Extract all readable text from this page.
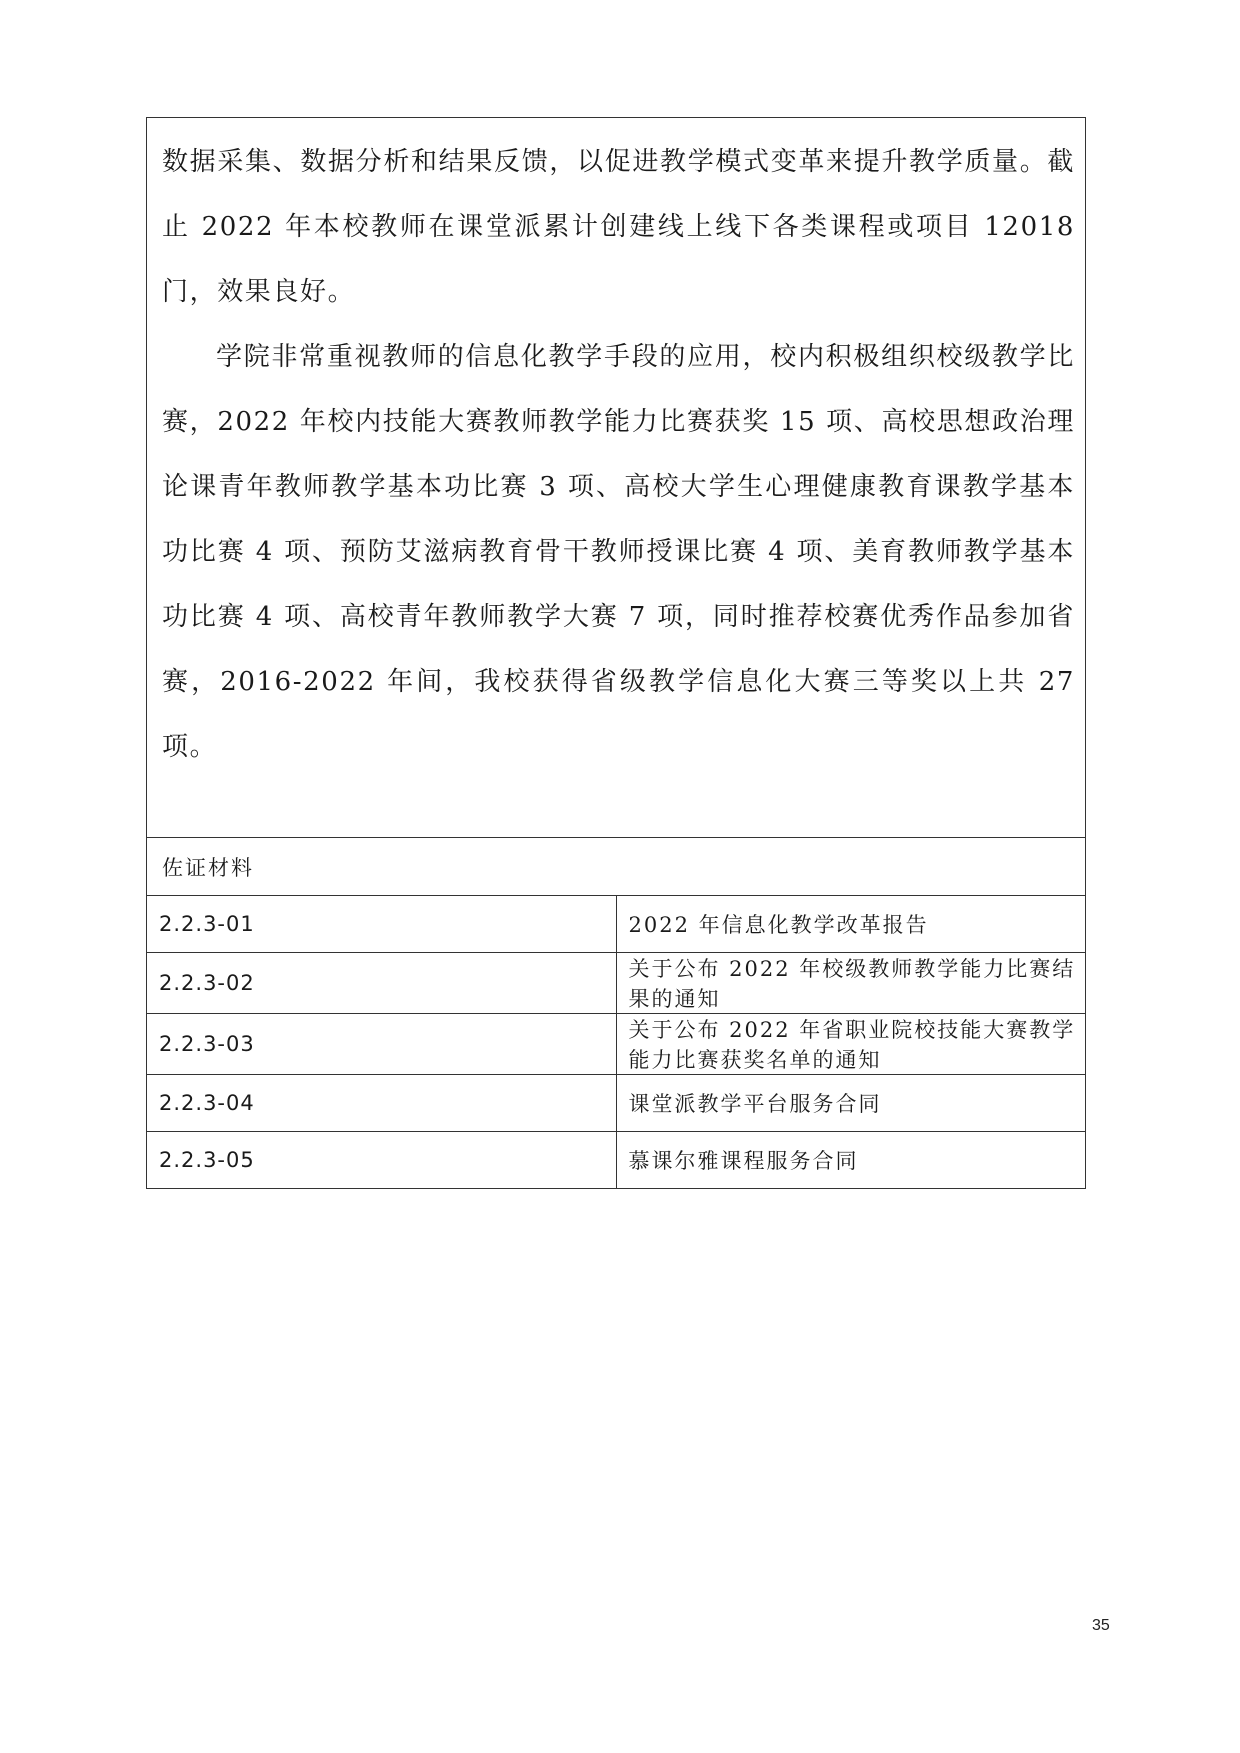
数据采集、数据分析和结果反馈，以促进教学模式变革来提升教学质量。截止 2022 年本校教师在课堂派累计创建线上线下各类课程或项目 12018 门，效果良好。

学院非常重视教师的信息化教学手段的应用，校内积极组织校级教学比赛，2022 年校内技能大赛教师教学能力比赛获奖 15 项、高校思想政治理论课青年教师教学基本功比赛 3 项、高校大学生心理健康教育课教学基本功比赛 4 项、预防艾滋病教育骨干教师授课比赛 4 项、美育教师教学基本功比赛 4 项、高校青年教师教学大赛 7 项，同时推荐校赛优秀作品参加省赛，2016-2022 年间，我校获得省级教学信息化大赛三等奖以上共 27 项。	

佐证材料	
2.2.3-01	2022 年信息化教学改革报告
2.2.3-02	关于公布 2022 年校级教师教学能力比赛结果的通知
2.2.3-03	关于公布 2022 年省职业院校技能大赛教学能力比赛获奖名单的通知
2.2.3-04	课堂派教学平台服务合同
2.2.3-05	慕课尔雅课程服务合同
35
